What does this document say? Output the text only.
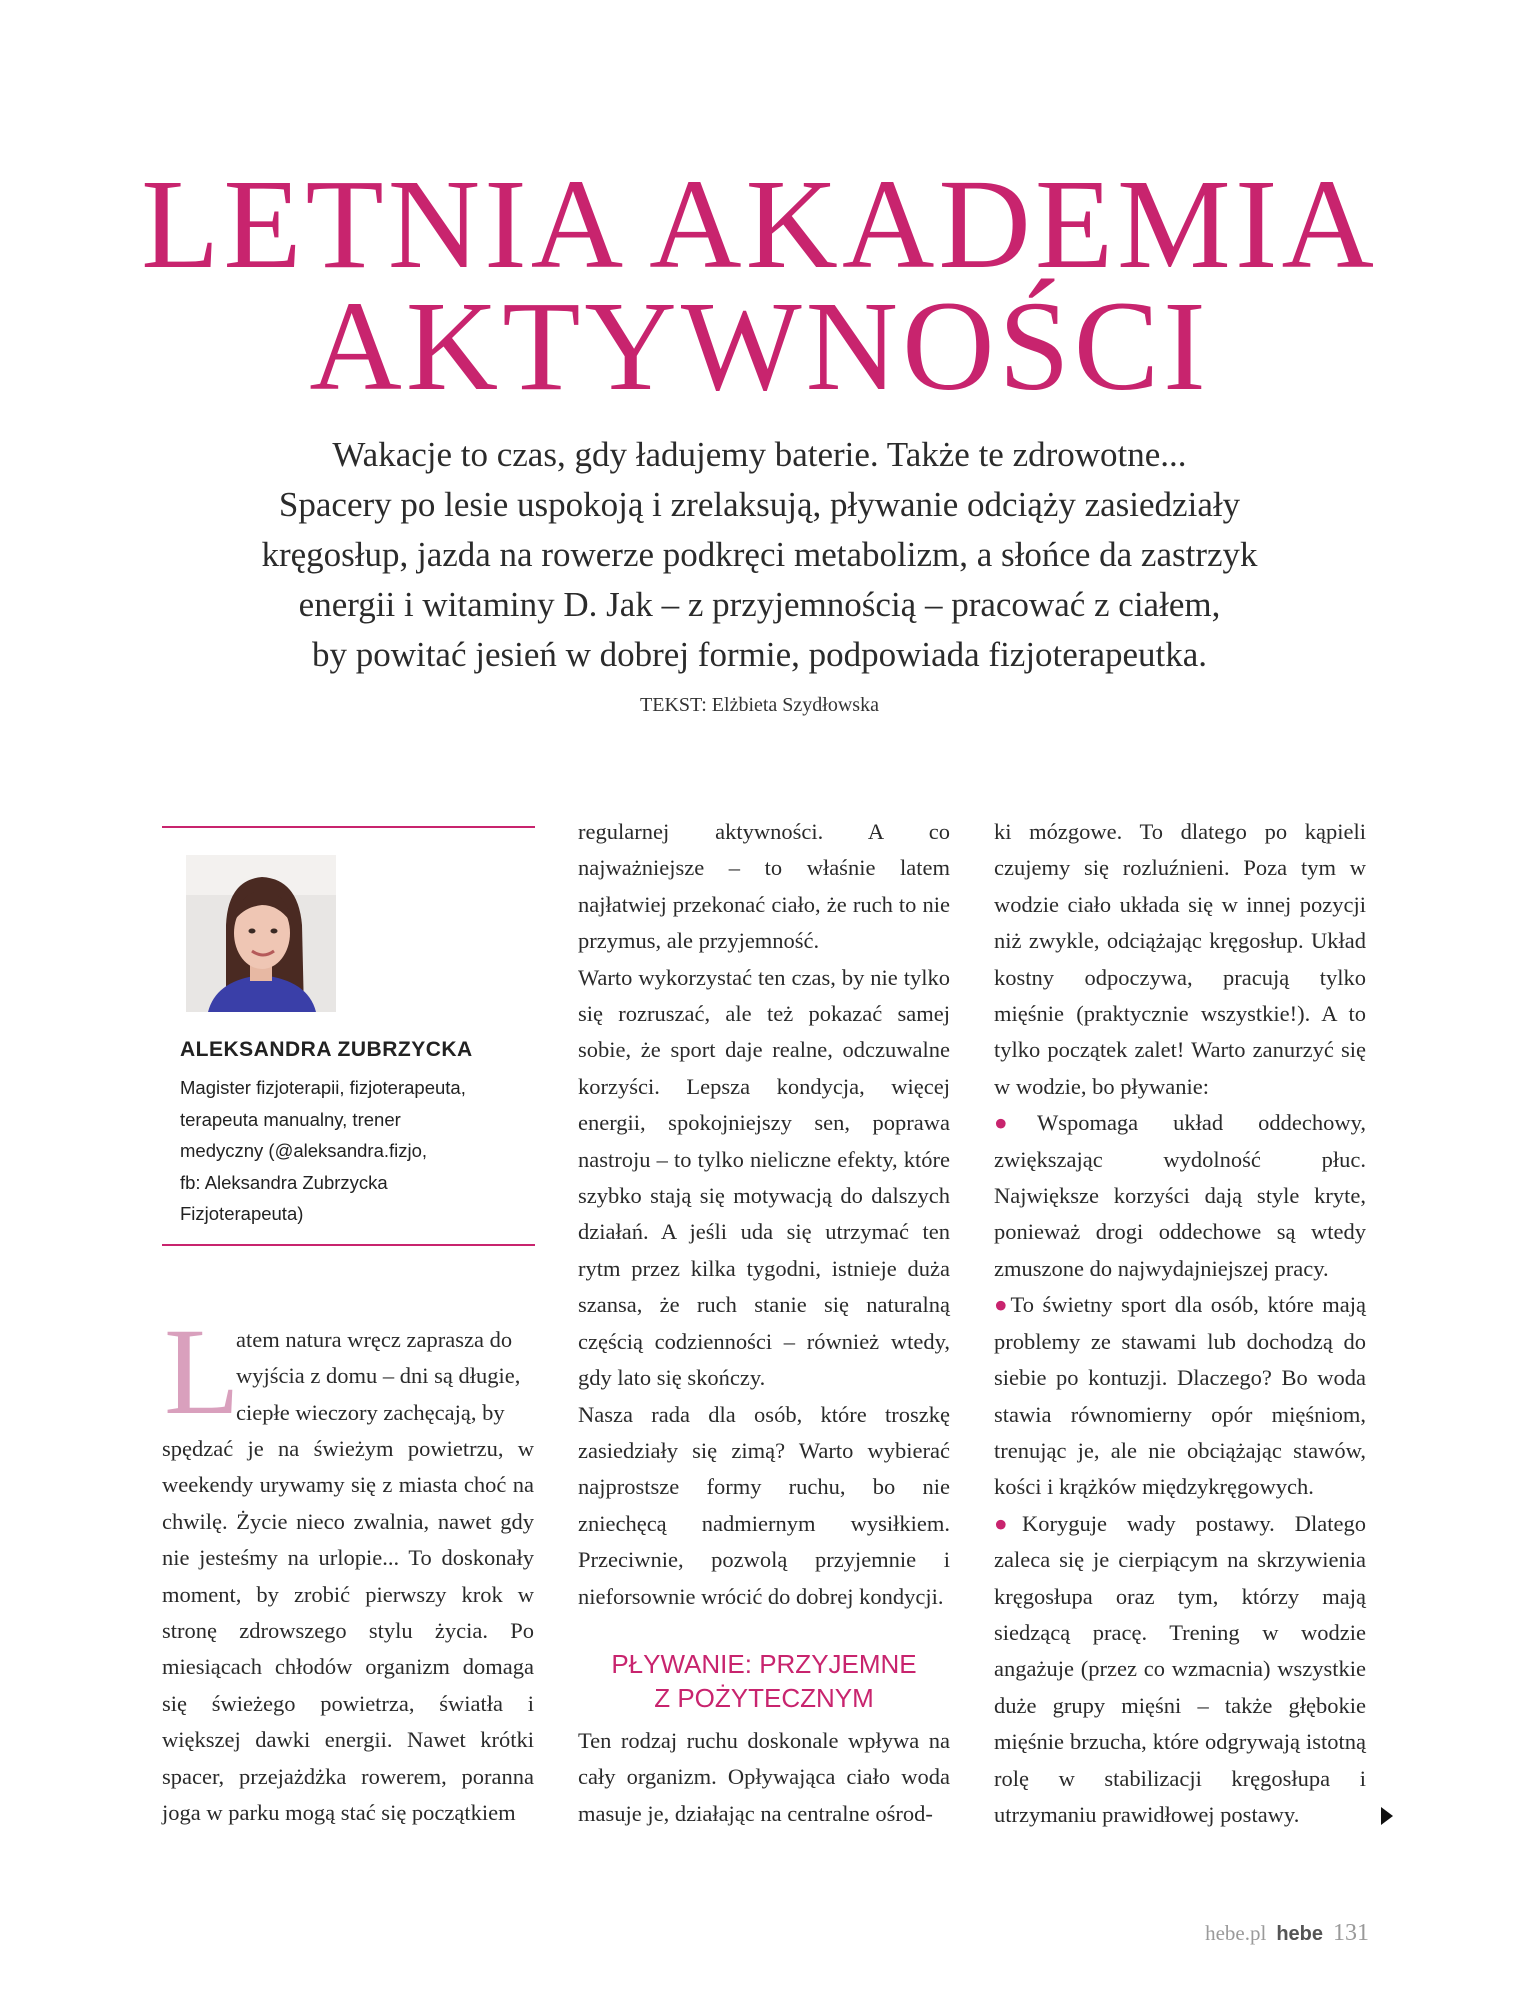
LETNIA AKADEMIA
AKTYWNOŚCI

Wakacje to czas, gdy ładujemy baterie. Także te zdrowotne...
Spacery po lesie uspokoją i zrelaksują, pływanie odciąży zasiedziały
kręgosłup, jazda na rowerze podkręci metabolizm, a słońce da zastrzyk
energii i witaminy D. Jak – z przyjemnością – pracować z ciałem,
by powitać jesień w dobrej formie, podpowiada fizjoterapeutka.

TEKST: Elżbieta Szydłowska
ALEKSANDRA ZUBRZYCKA
Magister fizjoterapii, fizjoterapeuta,
terapeuta manualny, trener
medyczny (@aleksandra.fizjo,
fb: Aleksandra Zubrzycka
Fizjoterapeuta)
L

atem natura wręcz zaprasza do

wyjścia z domu – dni są długie,

ciepłe wieczory zachęcają, by

spędzać je na świeżym powietrzu, w weekendy urywamy się z miasta choć na chwilę. Życie nieco zwalnia, nawet gdy nie jesteśmy na urlopie... To doskonały moment, by zrobić pierwszy krok w stronę zdrowszego stylu życia. Po miesiącach chłodów organizm domaga się świeżego powietrza, światła i większej dawki energii. Nawet krótki spacer, przejażdżka rowerem, poranna joga w parku mogą stać się początkiem

regularnej aktywności. A co najważniejsze – to właśnie latem najłatwiej przekonać ciało, że ruch to nie przymus, ale przyjemność.

Warto wykorzystać ten czas, by nie tylko się rozruszać, ale też pokazać samej sobie, że sport daje realne, odczuwalne korzyści. Lepsza kondycja, więcej energii, spokojniejszy sen, poprawa nastroju – to tylko nieliczne efekty, które szybko stają się motywacją do dalszych działań. A jeśli uda się utrzymać ten rytm przez kilka tygodni, istnieje duża szansa, że ruch stanie się naturalną częścią codzienności – również wtedy, gdy lato się skończy.

Nasza rada dla osób, które troszkę zasiedziały się zimą? Warto wybierać najprostsze formy ruchu, bo nie zniechęcą nadmiernym wysiłkiem. Przeciwnie, pozwolą przyjemnie i nieforsownie wrócić do dobrej kondycji.

PŁYWANIE: PRZYJEMNE
Z POŻYTECZNYM

Ten rodzaj ruchu doskonale wpływa na cały organizm. Opływająca ciało woda masuje je, działając na centralne ośrod-

ki mózgowe. To dlatego po kąpieli czujemy się rozluźnieni. Poza tym w wodzie ciało układa się w innej pozycji niż zwykle, odciążając kręgosłup. Układ kostny odpoczywa, pracują tylko mięśnie (praktycznie wszystkie!). A to tylko początek zalet! Warto zanurzyć się w wodzie, bo pływanie:

●Wspomaga układ oddechowy, zwiększając wydolność płuc. Największe korzyści dają style kryte, ponieważ drogi oddechowe są wtedy zmuszone do najwydajniejszej pracy.

●To świetny sport dla osób, które mają problemy ze stawami lub dochodzą do siebie po kontuzji. Dlaczego? Bo woda stawia równomierny opór mięśniom, trenując je, ale nie obciążając stawów, kości i krążków międzykręgowych.

●Koryguje wady postawy. Dlatego zaleca się je cierpiącym na skrzywienia kręgosłupa oraz tym, którzy mają siedzącą pracę. Trening w wodzie angażuje (przez co wzmacnia) wszystkie duże grupy mięśni – także głębokie mięśnie brzucha, które odgrywają istotną rolę w stabilizacji kręgosłupa i utrzymaniu prawidłowej postawy.

hebe.pl hebe 131
